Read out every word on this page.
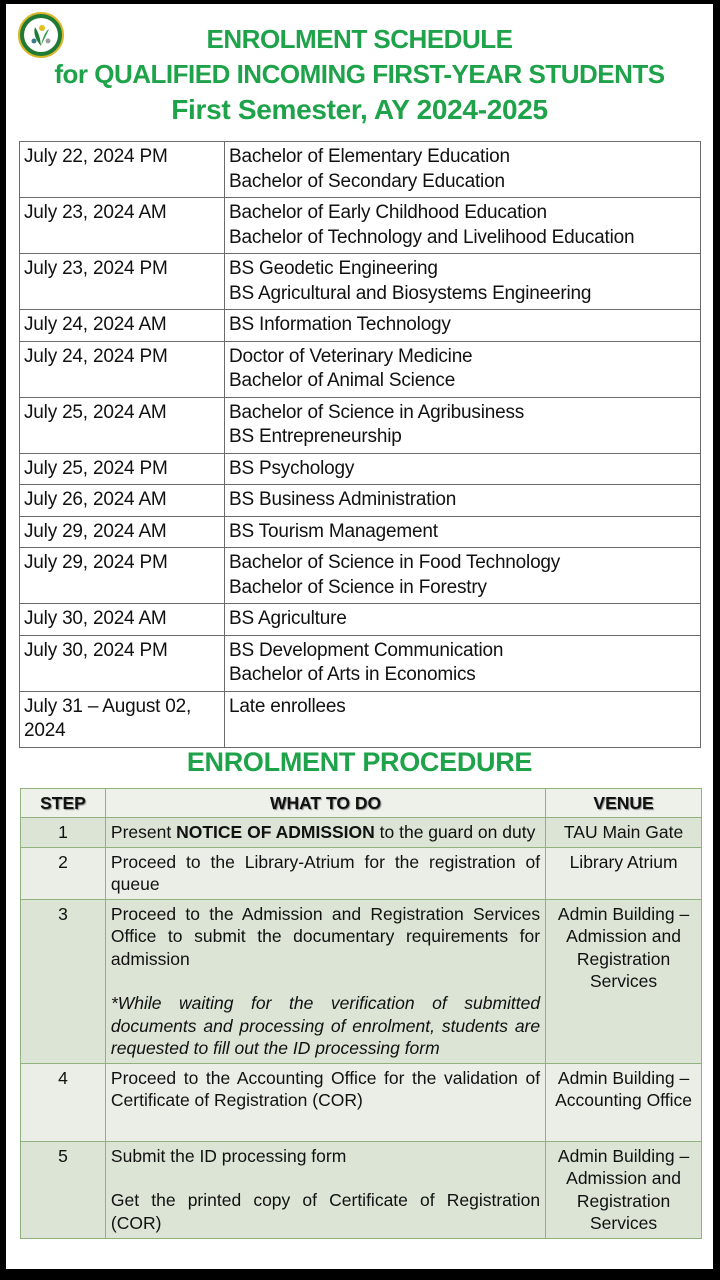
ENROLMENT SCHEDULE
for QUALIFIED INCOMING FIRST-YEAR STUDENTS
First Semester, AY 2024-2025
July 22, 2024 PM	Bachelor of Elementary Education
Bachelor of Secondary Education

July 23, 2024 AM	Bachelor of Early Childhood Education
Bachelor of Technology and Livelihood Education

July 23, 2024 PM	BS Geodetic Engineering
BS Agricultural and Biosystems Engineering

July 24, 2024 AM	BS Information Technology

July 24, 2024 PM	Doctor of Veterinary Medicine
Bachelor of Animal Science

July 25, 2024 AM	Bachelor of Science in Agribusiness
BS Entrepreneurship

July 25, 2024 PM	BS Psychology

July 26, 2024 AM	BS Business Administration

July 29, 2024 AM	BS Tourism Management

July 29, 2024 PM	Bachelor of Science in Food Technology
Bachelor of Science in Forestry

July 30, 2024 AM	BS Agriculture

July 30, 2024 PM	BS Development Communication
Bachelor of Arts in Economics

July 31 – August 02, 2024	Late enrollees
ENROLMENT PROCEDURE
STEP	WHAT TO DO	VENUE
1	Present NOTICE OF ADMISSION to the guard on duty	TAU Main Gate
2	Proceed to the Library-Atrium for the registration of queue	Library Atrium
3	Proceed to the Admission and Registration Services Office to submit the documentary requirements for admission
*While waiting for the verification of submitted documents and processing of enrolment, students are requested to fill out the ID processing form	Admin Building – Admission and Registration Services
4	Proceed to the Accounting Office for the validation of Certificate of Registration (COR)	Admin Building – Accounting Office
5	Submit the ID processing form
Get the printed copy of Certificate of Registration (COR)	Admin Building – Admission and Registration Services
